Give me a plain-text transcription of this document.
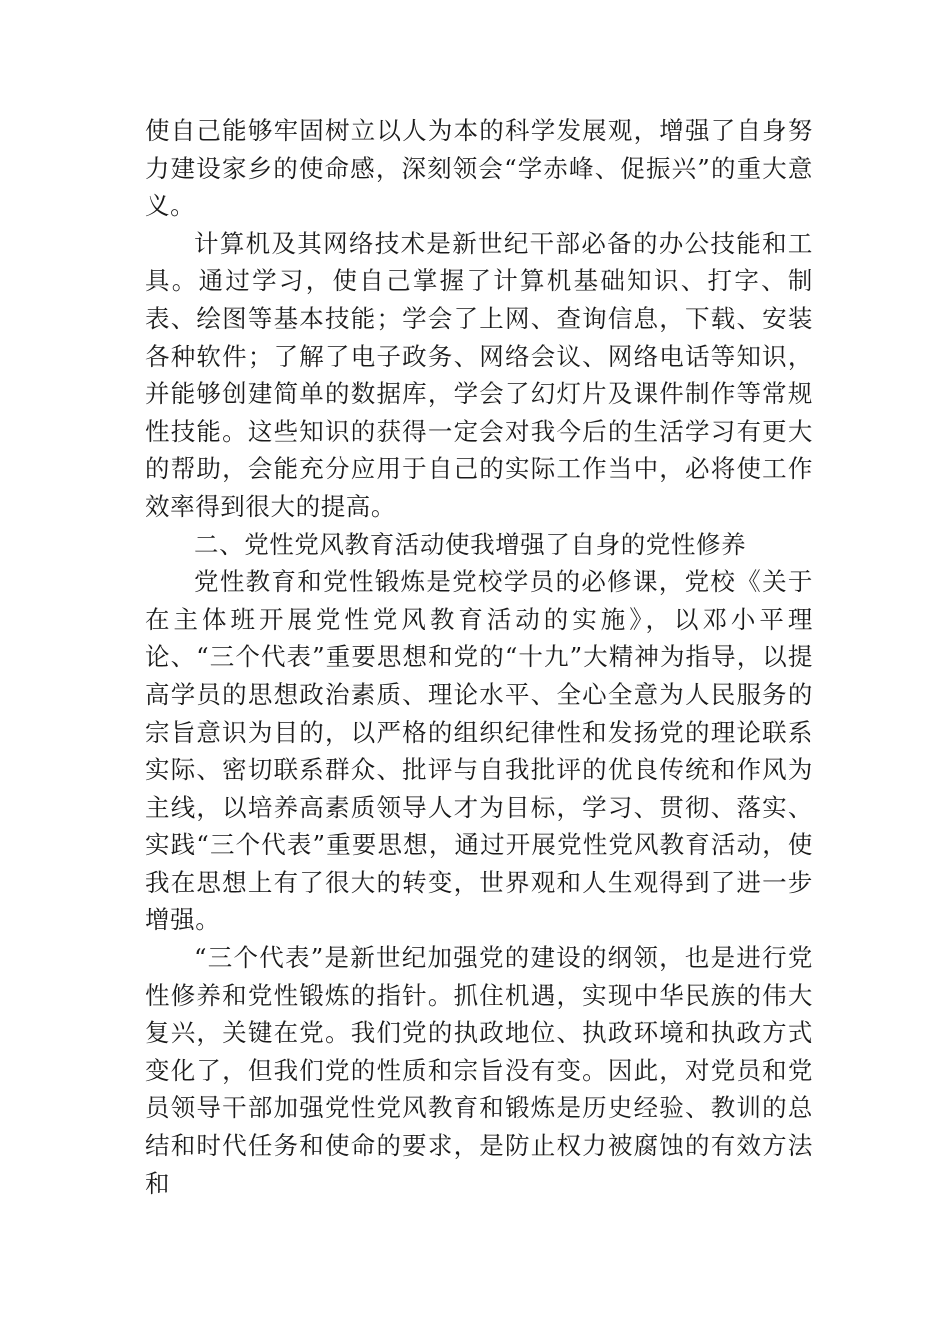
使自己能够牢固树立以人为本的科学发展观，增强了自身努力建设家乡的使命感，深刻领会“学赤峰、促振兴”的重大意义。

计算机及其网络技术是新世纪干部必备的办公技能和工具。通过学习，使自己掌握了计算机基础知识、打字、制表、绘图等基本技能；学会了上网、查询信息，下载、安装各种软件；了解了电子政务、网络会议、网络电话等知识，并能够创建简单的数据库，学会了幻灯片及课件制作等常规性技能。这些知识的获得一定会对我今后的生活学习有更大的帮助，会能充分应用于自己的实际工作当中，必将使工作效率得到很大的提高。

二、党性党风教育活动使我增强了自身的党性修养

党性教育和党性锻炼是党校学员的必修课，党校《关于在主体班开展党性党风教育活动的实施》，以邓小平理论、“三个代表”重要思想和党的“十九”大精神为指导，以提高学员的思想政治素质、理论水平、全心全意为人民服务的宗旨意识为目的，以严格的组织纪律性和发扬党的理论联系实际、密切联系群众、批评与自我批评的优良传统和作风为主线，以培养高素质领导人才为目标，学习、贯彻、落实、实践“三个代表”重要思想，通过开展党性党风教育活动，使我在思想上有了很大的转变，世界观和人生观得到了进一步增强。

“三个代表”是新世纪加强党的建设的纲领，也是进行党性修养和党性锻炼的指针。抓住机遇，实现中华民族的伟大复兴，关键在党。我们党的执政地位、执政环境和执政方式变化了，但我们党的性质和宗旨没有变。因此，对党员和党员领导干部加强党性党风教育和锻炼是历史经验、教训的总结和时代任务和使命的要求，是防止权力被腐蚀的有效方法和
